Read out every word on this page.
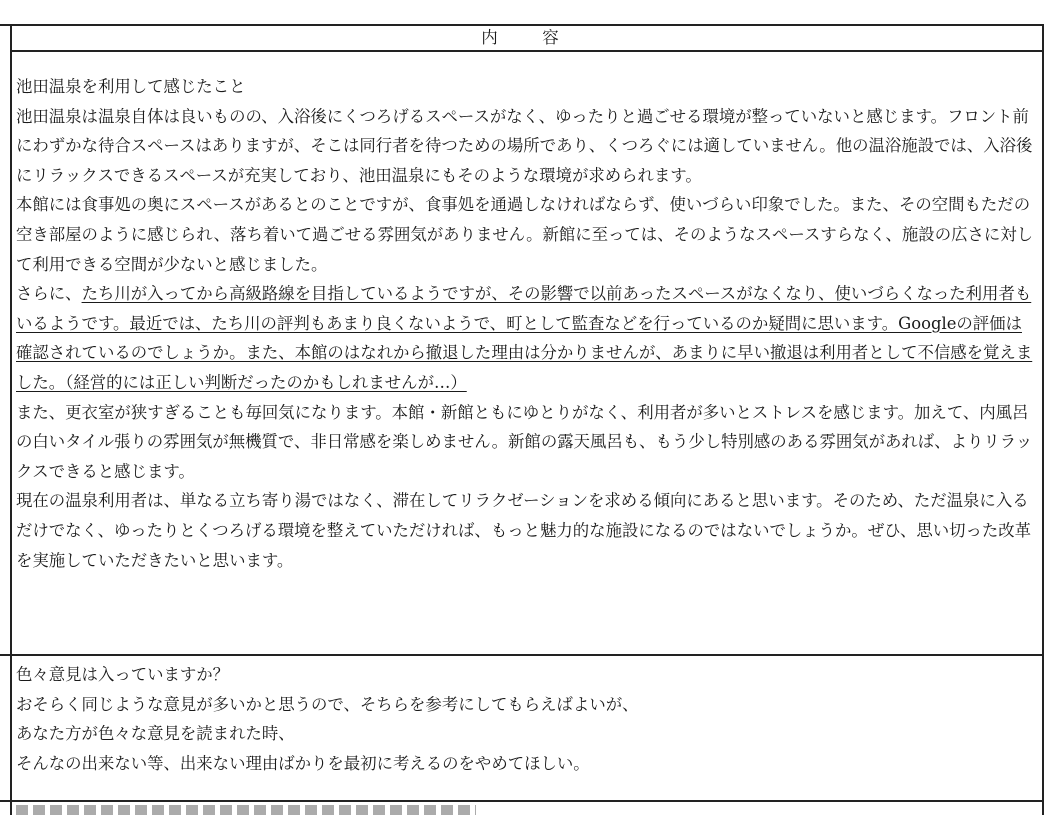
内　容

池田温泉を利用して感じたこと

池田温泉は温泉自体は良いものの、入浴後にくつろげるスペースがなく、ゆったりと過ごせる環境が整っていないと感じます。フロント前にわずかな待合スペースはありますが、そこは同行者を待つための場所であり、くつろぐには適していません。他の温浴施設では、入浴後にリラックスできるスペースが充実しており、池田温泉にもそのような環境が求められます。

本館には食事処の奥にスペースがあるとのことですが、食事処を通過しなければならず、使いづらい印象でした。また、その空間もただの空き部屋のように感じられ、落ち着いて過ごせる雰囲気がありません。新館に至っては、そのようなスペースすらなく、施設の広さに対して利用できる空間が少ないと感じました。

さらに、たち川が入ってから高級路線を目指しているようですが、その影響で以前あったスペースがなくなり、使いづらくなった利用者もいるようです。最近では、たち川の評判もあまり良くないようで、町として監査などを行っているのか疑問に思います。Googleの評価は確認されているのでしょうか。また、本館のはなれから撤退した理由は分かりませんが、あまりに早い撤退は利用者として不信感を覚えました。（経営的には正しい判断だったのかもしれませんが…）

また、更衣室が狭すぎることも毎回気になります。本館・新館ともにゆとりがなく、利用者が多いとストレスを感じます。加えて、内風呂の白いタイル張りの雰囲気が無機質で、非日常感を楽しめません。新館の露天風呂も、もう少し特別感のある雰囲気があれば、よりリラックスできると感じます。

現在の温泉利用者は、単なる立ち寄り湯ではなく、滞在してリラクゼーションを求める傾向にあると思います。そのため、ただ温泉に入るだけでなく、ゆったりとくつろげる環境を整えていただければ、もっと魅力的な施設になるのではないでしょうか。ぜひ、思い切った改革を実施していただきたいと思います。

色々意見は入っていますか？

おそらく同じような意見が多いかと思うので、そちらを参考にしてもらえばよいが、

あなた方が色々な意見を読まれた時、

そんなの出来ない等、出来ない理由ばかりを最初に考えるのをやめてほしい。
